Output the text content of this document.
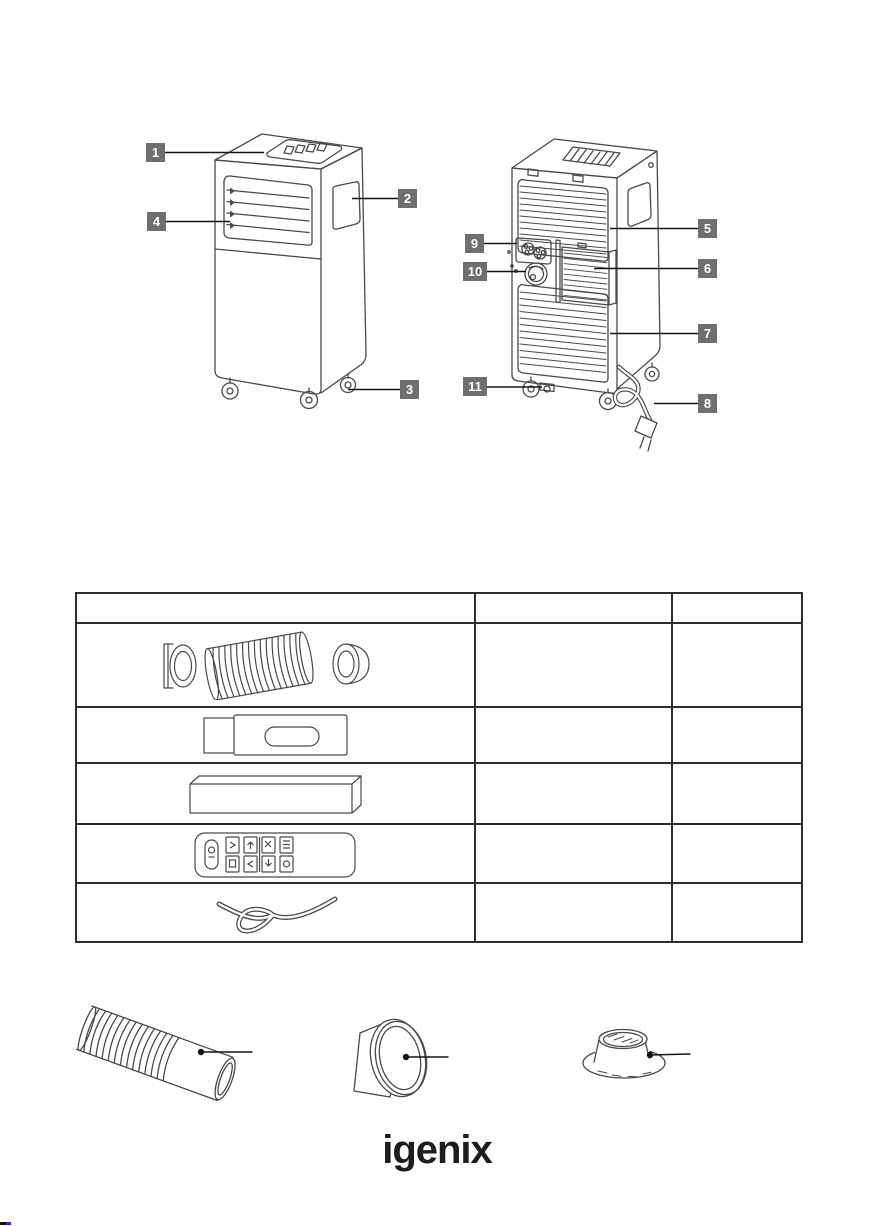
1
2
3
4	5
6
7
8
9
10
11

igenix
